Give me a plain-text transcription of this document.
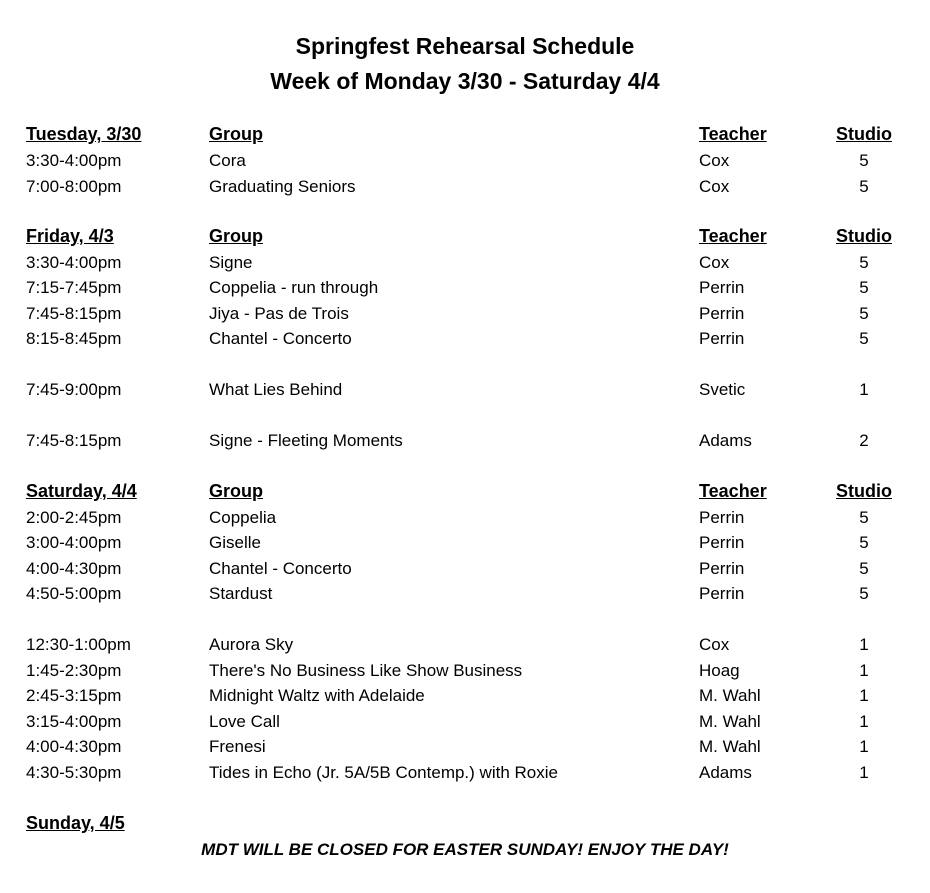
Springfest Rehearsal Schedule
Week of Monday 3/30 - Saturday 4/4
Tuesday, 3/30	Group	Teacher	Studio
3:30-4:00pm	Cora	Cox	5
7:00-8:00pm	Graduating Seniors	Cox	5
Friday, 4/3	Group	Teacher	Studio
3:30-4:00pm	Signe	Cox	5
7:15-7:45pm	Coppelia - run through	Perrin	5
7:45-8:15pm	Jiya - Pas de Trois	Perrin	5
8:15-8:45pm	Chantel - Concerto	Perrin	5
7:45-9:00pm	What Lies Behind	Svetic	1
7:45-8:15pm	Signe - Fleeting Moments	Adams	2
Saturday, 4/4	Group	Teacher	Studio
2:00-2:45pm	Coppelia	Perrin	5
3:00-4:00pm	Giselle	Perrin	5
4:00-4:30pm	Chantel - Concerto	Perrin	5
4:50-5:00pm	Stardust	Perrin	5
12:30-1:00pm	Aurora Sky	Cox	1
1:45-2:30pm	There's No Business Like Show Business	Hoag	1
2:45-3:15pm	Midnight Waltz with Adelaide	M. Wahl	1
3:15-4:00pm	Love Call	M. Wahl	1
4:00-4:30pm	Frenesi	M. Wahl	1
4:30-5:30pm	Tides in Echo (Jr. 5A/5B Contemp.) with Roxie	Adams	1
Sunday, 4/5
MDT WILL BE CLOSED FOR EASTER SUNDAY! ENJOY THE DAY!
